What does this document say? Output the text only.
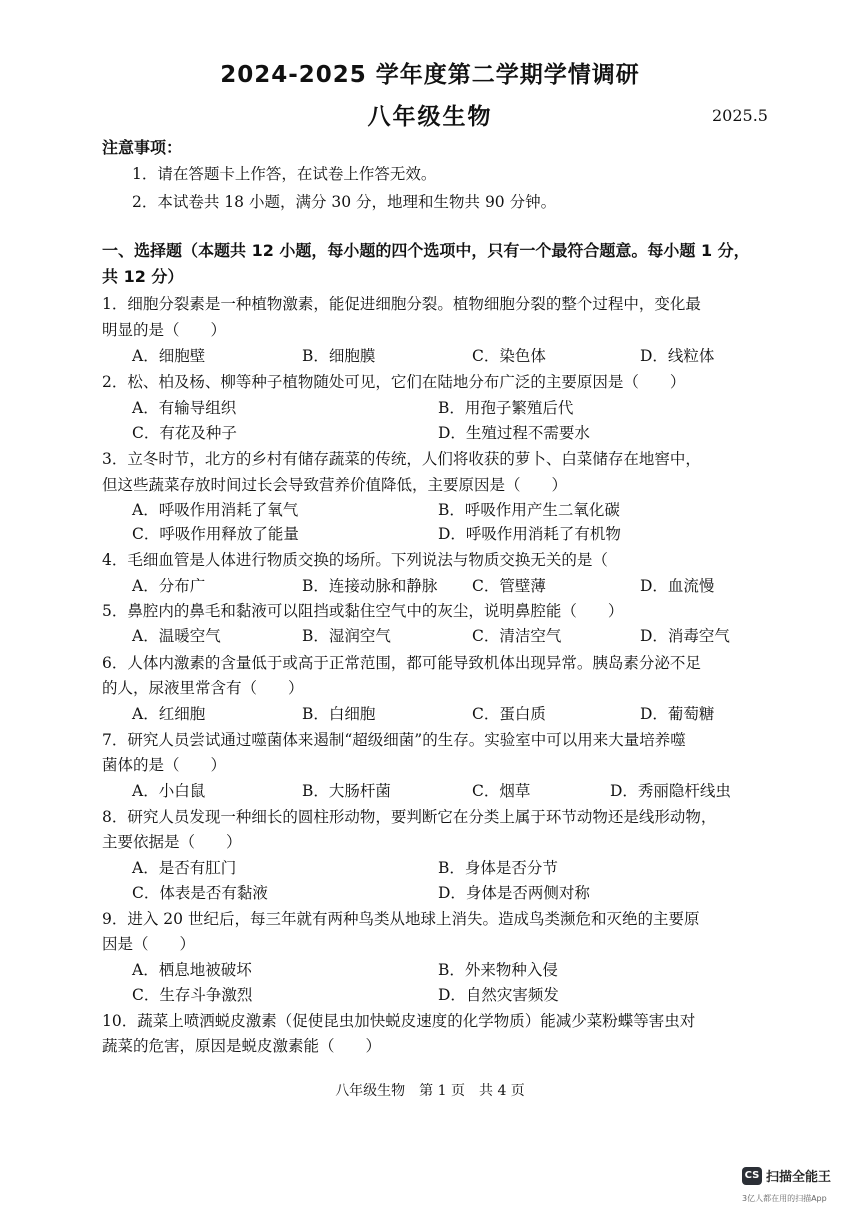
2024-2025 学年度第二学期学情调研
八年级生物	2025.5
注意事项：
1．请在答题卡上作答，在试卷上作答无效。
2．本试卷共 18 小题，满分 30 分，地理和生物共 90 分钟。
一、选择题（本题共 12 小题，每小题的四个选项中，只有一个最符合题意。每小题 1 分，
共 12 分）
1．细胞分裂素是一种植物激素，能促进细胞分裂。植物细胞分裂的整个过程中，变化最
明显的是（　　）
A．细胞壁	B．细胞膜	C．染色体	D．线粒体
2．松、柏及杨、柳等种子植物随处可见，它们在陆地分布广泛的主要原因是（　　）
A．有输导组织	B．用孢子繁殖后代
C．有花及种子	D．生殖过程不需要水
3．立冬时节，北方的乡村有储存蔬菜的传统，人们将收获的萝卜、白菜储存在地窖中，
但这些蔬菜存放时间过长会导致营养价值降低，主要原因是（　　）
A．呼吸作用消耗了氧气	B．呼吸作用产生二氧化碳
C．呼吸作用释放了能量	D．呼吸作用消耗了有机物
4．毛细血管是人体进行物质交换的场所。下列说法与物质交换无关的是（
A．分布广	B．连接动脉和静脉 C．管壁薄	D．血流慢
5．鼻腔内的鼻毛和黏液可以阻挡或黏住空气中的灰尘，说明鼻腔能（　　）
A．温暖空气	B．湿润空气	C．清洁空气	D．消毒空气
6．人体内激素的含量低于或高于正常范围，都可能导致机体出现异常。胰岛素分泌不足
的人，尿液里常含有（　　）
A．红细胞	B．白细胞	C．蛋白质	D．葡萄糖
7．研究人员尝试通过噬菌体来遏制“超级细菌”的生存。实验室中可以用来大量培养噬
菌体的是（　　）
A．小白鼠	B．大肠杆菌	C．烟草	D．秀丽隐杆线虫
8．研究人员发现一种细长的圆柱形动物，要判断它在分类上属于环节动物还是线形动物，
主要依据是（　　）
A．是否有肛门	B．身体是否分节
C．体表是否有黏液	D．身体是否两侧对称
9．进入 20 世纪后，每三年就有两种鸟类从地球上消失。造成鸟类濒危和灭绝的主要原
因是（　　）
A．栖息地被破坏	B．外来物种入侵
C．生存斗争激烈	D．自然灾害频发
10．蔬菜上喷洒蜕皮激素（促使昆虫加快蜕皮速度的化学物质）能减少菜粉蝶等害虫对
蔬菜的危害，原因是蜕皮激素能（　　）
八年级生物　第 1 页　共 4 页
CS 扫描全能王
3亿人都在用的扫描App
